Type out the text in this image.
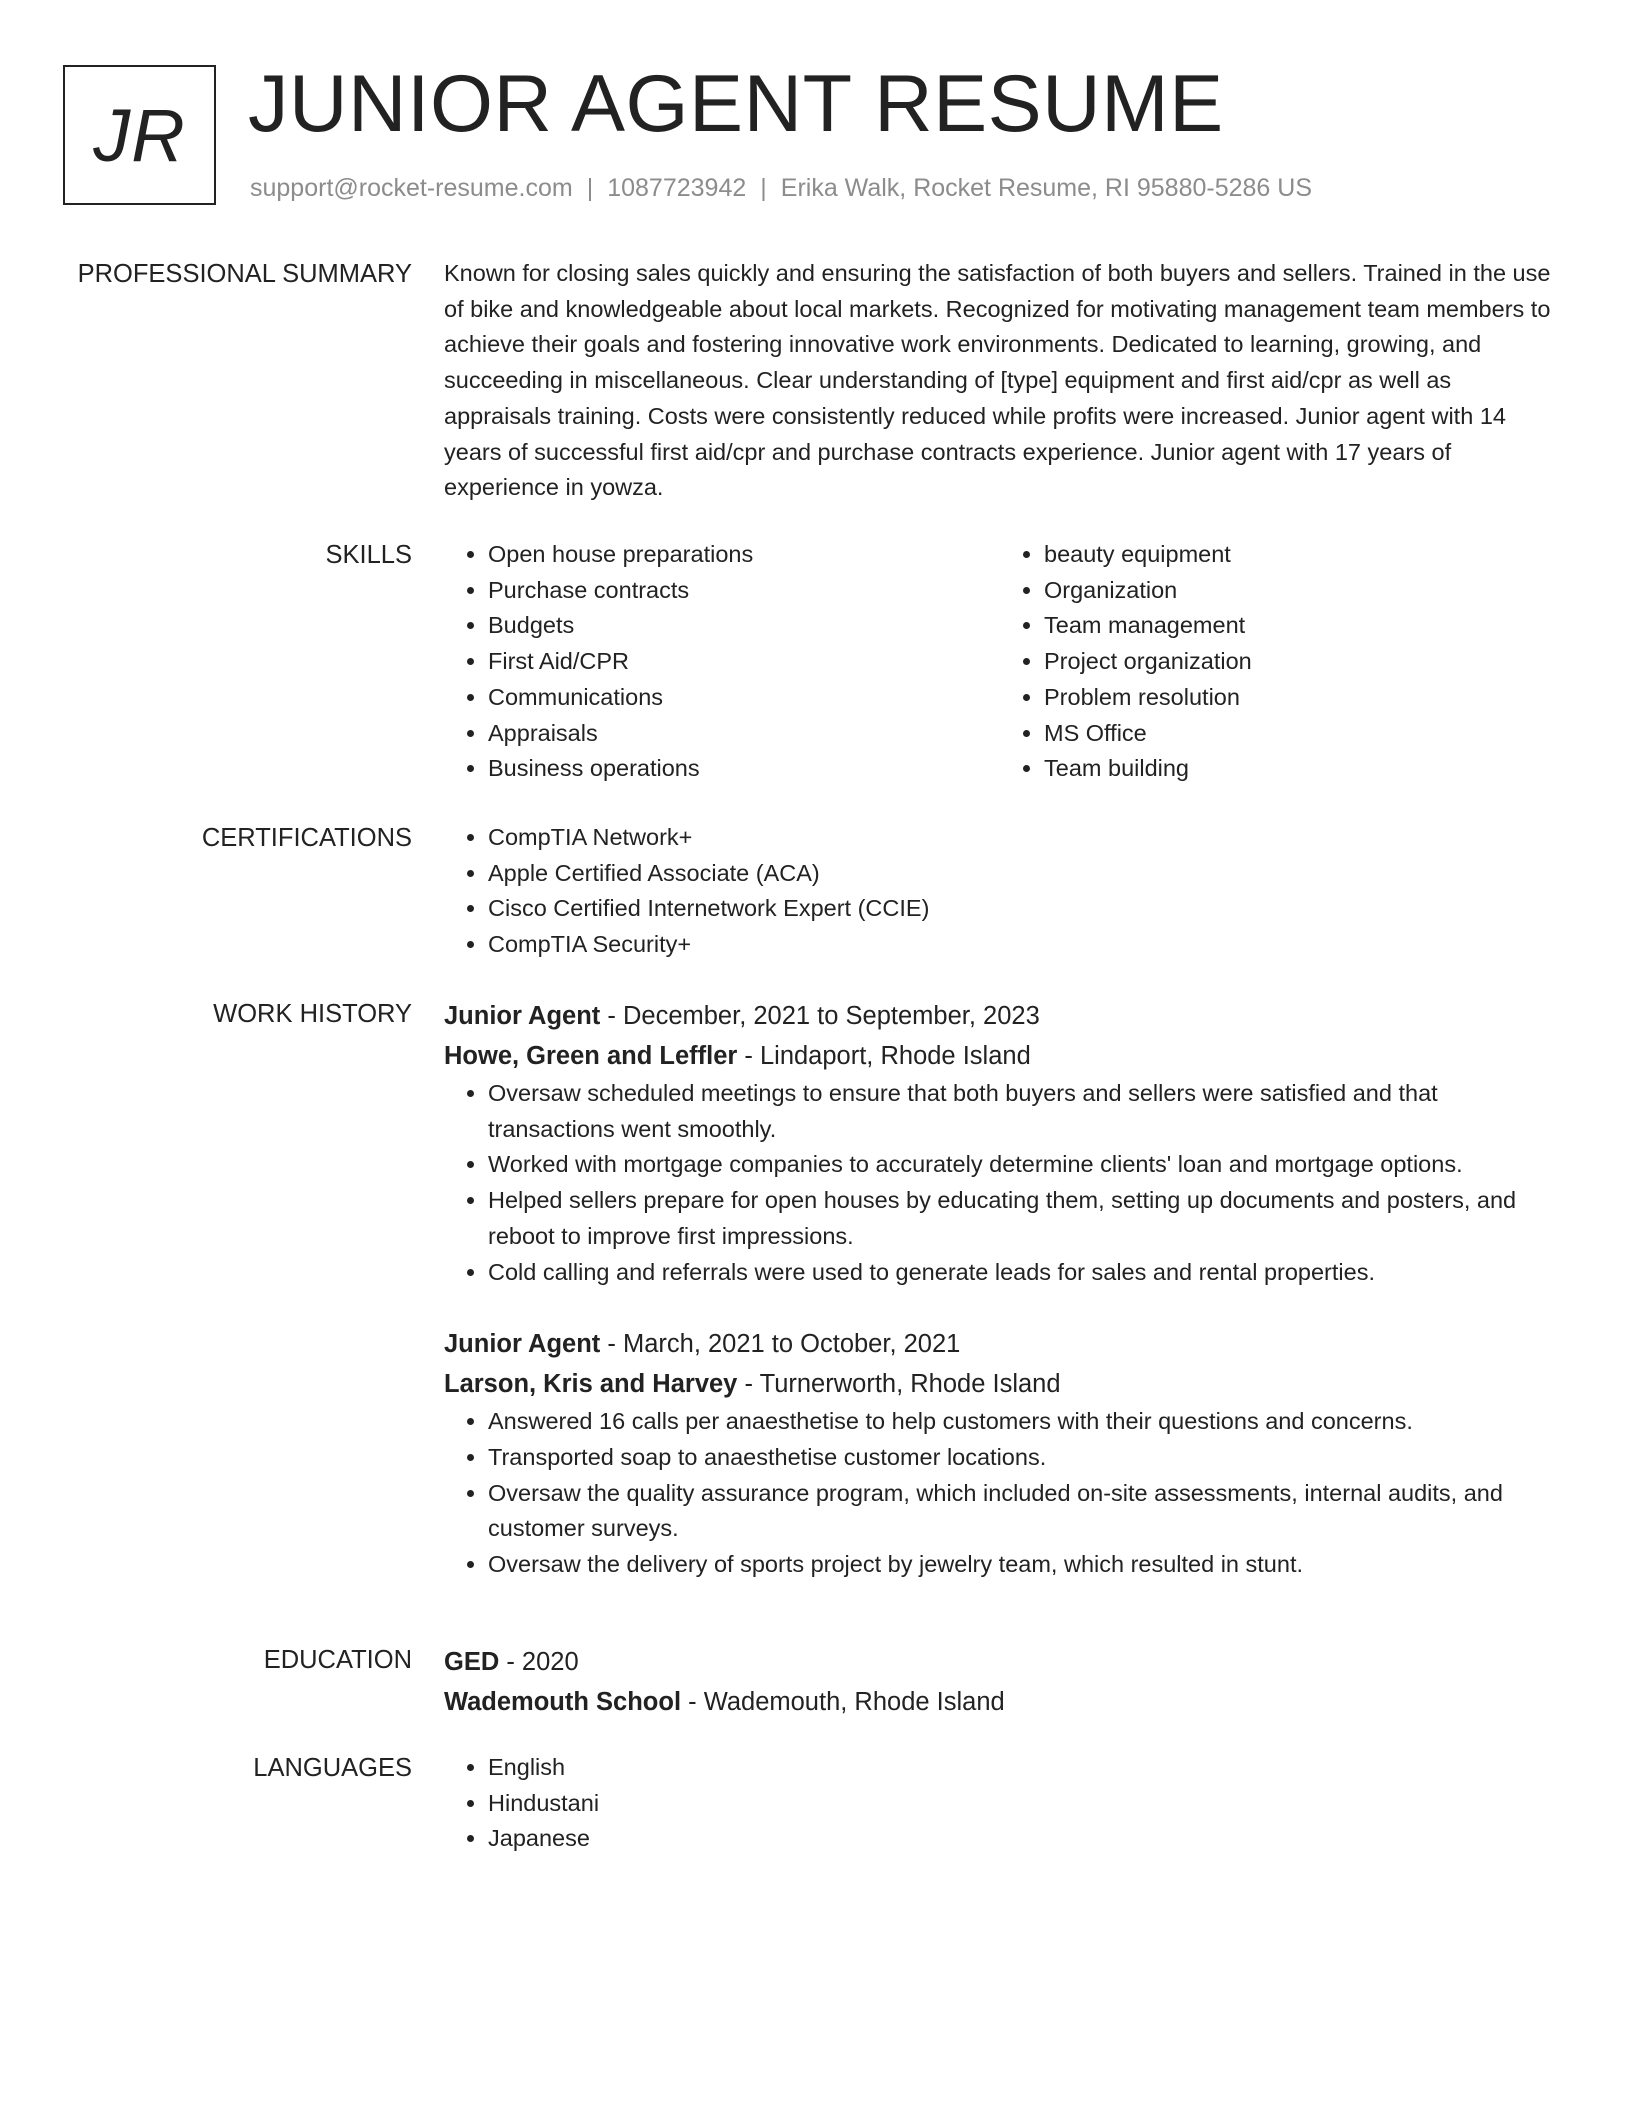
JR JUNIOR AGENT RESUME
support@rocket-resume.com | 1087723942 | Erika Walk, Rocket Resume, RI 95880-5286 US
PROFESSIONAL SUMMARY Known for closing sales quickly and ensuring the satisfaction of both buyers and sellers. Trained in the use of bike and knowledgeable about local markets. Recognized for motivating management team members to achieve their goals and fostering innovative work environments. Dedicated to learning, growing, and succeeding in miscellaneous. Clear understanding of [type] equipment and first aid/cpr as well as appraisals training. Costs were consistently reduced while profits were increased. Junior agent with 14 years of successful first aid/cpr and purchase contracts experience. Junior agent with 17 years of experience in yowza.

SKILLS	• Open house preparations
• Purchase contracts
• Budgets
• First Aid/CPR
• Communications
• Appraisals
• Business operations
• beauty equipment
• Organization
• Team management
• Project organization
• Problem resolution
• MS Office
• Team building
CERTIFICATIONS	• CompTIA Network+
• Apple Certified Associate (ACA)
• Cisco Certified Internetwork Expert (CCIE)
• CompTIA Security+
WORK HISTORY Junior Agent - December, 2021 to September, 2023
Howe, Green and Leffler - Lindaport, Rhode Island
• Oversaw scheduled meetings to ensure that both buyers and sellers were satisfied and that transactions went smoothly.
• Worked with mortgage companies to accurately determine clients' loan and mortgage options.
• Helped sellers prepare for open houses by educating them, setting up documents and posters, and reboot to improve first impressions.
• Cold calling and referrals were used to generate leads for sales and rental properties.
Junior Agent - March, 2021 to October, 2021
Larson, Kris and Harvey - Turnerworth, Rhode Island
• Answered 16 calls per anaesthetise to help customers with their questions and concerns.
• Transported soap to anaesthetise customer locations.
• Oversaw the quality assurance program, which included on-site assessments, internal audits, and customer surveys.
• Oversaw the delivery of sports project by jewelry team, which resulted in stunt.
EDUCATION GED - 2020
Wademouth School - Wademouth, Rhode Island
LANGUAGES	• English
• Hindustani
• Japanese
